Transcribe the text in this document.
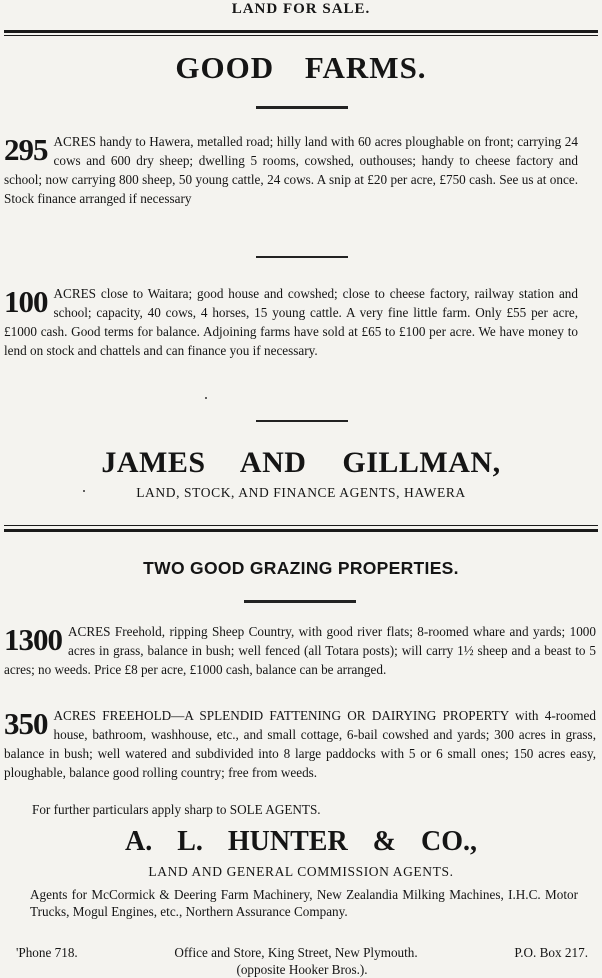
LAND FOR SALE.
GOOD FARMS.
295 ACRES handy to Hawera, metalled road; hilly land with 60 acres ploughable on front; carrying 24 cows and 600 dry sheep; dwelling 5 rooms, cowshed, outhouses; handy to cheese factory and school; now carrying 800 sheep, 50 young cattle, 24 cows. A snip at £20 per acre, £750 cash. See us at once. Stock finance arranged if necessary

100 ACRES close to Waitara; good house and cowshed; close to cheese factory, railway station and school; capacity, 40 cows, 4 horses, 15 young cattle. A very fine little farm. Only £55 per acre, £1000 cash. Good terms for balance. Adjoining farms have sold at £65 to £100 per acre. We have money to lend on stock and chattels and can finance you if necessary.

JAMES AND GILLMAN,
LAND, STOCK, AND FINANCE AGENTS, HAWERA
TWO GOOD GRAZING PROPERTIES.
1300 ACRES Freehold, ripping Sheep Country, with good river flats; 8-roomed whare and yards; 1000 acres in grass, balance in bush; well fenced (all Totara posts); will carry 1½ sheep and a beast to 5 acres; no weeds. Price £8 per acre, £1000 cash, balance can be arranged.

350 ACRES FREEHOLD—A SPLENDID FATTENING OR DAIRYING PROPERTY with 4-roomed house, bathroom, washhouse, etc., and small cottage, 6-bail cowshed and yards; 300 acres in grass, balance in bush; well watered and subdivided into 8 large paddocks with 5 or 6 small ones; 150 acres easy, ploughable, balance good rolling country; free from weeds.

For further particulars apply sharp to SOLE AGENTS.

A. L. HUNTER & CO.,
LAND AND GENERAL COMMISSION AGENTS.

Agents for McCormick & Deering Farm Machinery, New Zealandia Milking Machines, I.H.C. Motor Trucks, Mogul Engines, etc., Northern Assurance Company.

'Phone 718.	Office and Store, King Street, New Plymouth.	P.O. Box 217.
(opposite Hooker Bros.).
